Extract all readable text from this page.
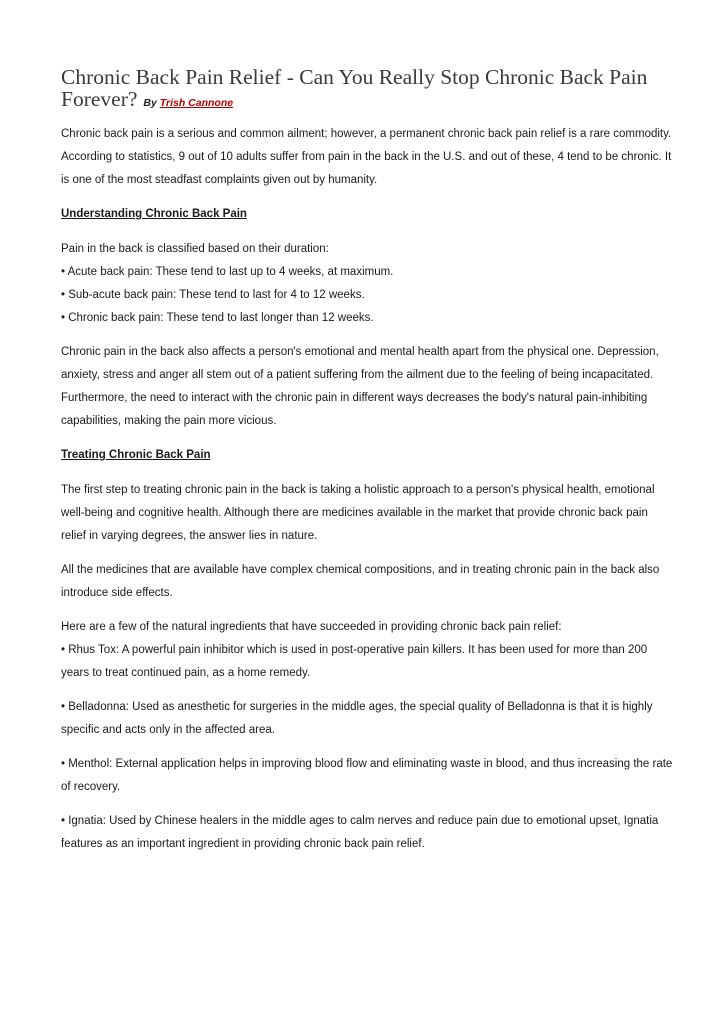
Chronic Back Pain Relief - Can You Really Stop Chronic Back Pain Forever? By Trish Cannone

Chronic back pain is a serious and common ailment; however, a permanent chronic back pain relief is a rare commodity. According to statistics, 9 out of 10 adults suffer from pain in the back in the U.S. and out of these, 4 tend to be chronic. It is one of the most steadfast complaints given out by humanity.

Understanding Chronic Back Pain

Pain in the back is classified based on their duration:

• Acute back pain: These tend to last up to 4 weeks, at maximum.

• Sub-acute back pain: These tend to last for 4 to 12 weeks.

• Chronic back pain: These tend to last longer than 12 weeks.

Chronic pain in the back also affects a person's emotional and mental health apart from the physical one. Depression, anxiety, stress and anger all stem out of a patient suffering from the ailment due to the feeling of being incapacitated. Furthermore, the need to interact with the chronic pain in different ways decreases the body's natural pain-inhibiting capabilities, making the pain more vicious.

Treating Chronic Back Pain

The first step to treating chronic pain in the back is taking a holistic approach to a person's physical health, emotional well-being and cognitive health. Although there are medicines available in the market that provide chronic back pain relief in varying degrees, the answer lies in nature.

All the medicines that are available have complex chemical compositions, and in treating chronic pain in the back also introduce side effects.

Here are a few of the natural ingredients that have succeeded in providing chronic back pain relief:

• Rhus Tox: A powerful pain inhibitor which is used in post-operative pain killers. It has been used for more than 200 years to treat continued pain, as a home remedy.

• Belladonna: Used as anesthetic for surgeries in the middle ages, the special quality of Belladonna is that it is highly specific and acts only in the affected area.

• Menthol: External application helps in improving blood flow and eliminating waste in blood, and thus increasing the rate of recovery.

• Ignatia: Used by Chinese healers in the middle ages to calm nerves and reduce pain due to emotional upset, Ignatia features as an important ingredient in providing chronic back pain relief.
